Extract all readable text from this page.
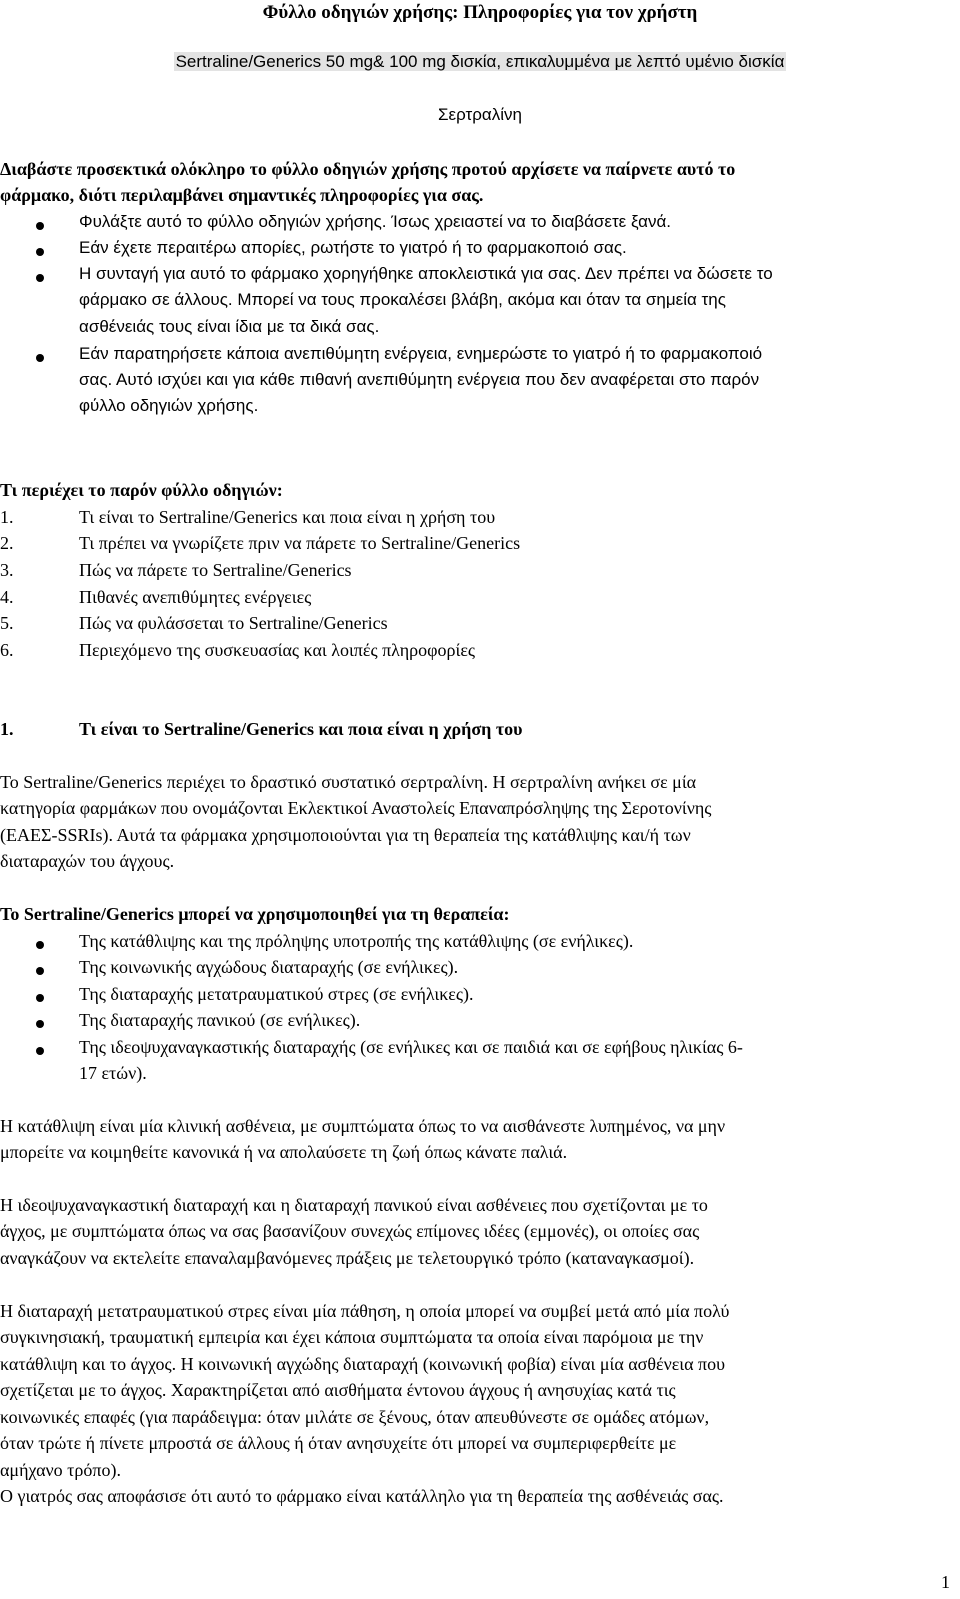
Φύλλο οδηγιών χρήσης: Πληροφορίες για τον χρήστη
Sertraline/Generics 50 mg& 100 mg δισκία, επικαλυμμένα με λεπτό υμένιο δισκία
Σερτραλίνη
Διαβάστε προσεκτικά ολόκληρο το φύλλο οδηγιών χρήσης προτού αρχίσετε να παίρνετε αυτό το
φάρμακο, διότι περιλαμβάνει σημαντικές πληροφορίες για σας.
Φυλάξτε αυτό το φύλλο οδηγιών χρήσης. Ίσως χρειαστεί να το διαβάσετε ξανά.
Εάν έχετε περαιτέρω απορίες, ρωτήστε το γιατρό ή το φαρμακοποιό σας.
Η συνταγή για αυτό το φάρμακο χορηγήθηκε αποκλειστικά για σας. Δεν πρέπει να δώσετε το
φάρμακο σε άλλους. Μπορεί να τους προκαλέσει βλάβη, ακόμα και όταν τα σημεία της
ασθένειάς τους είναι ίδια με τα δικά σας.
Εάν παρατηρήσετε κάποια ανεπιθύμητη ενέργεια, ενημερώστε το γιατρό ή το φαρμακοποιό
σας. Αυτό ισχύει και για κάθε πιθανή ανεπιθύμητη ενέργεια που δεν αναφέρεται στο παρόν
φύλλο οδηγιών χρήσης.
Τι περιέχει το παρόν φύλλο οδηγιών:
1.	Τι είναι το Sertraline/Generics και ποια είναι η χρήση του
2.	Τι πρέπει να γνωρίζετε πριν να πάρετε το Sertraline/Generics
3.	Πώς να πάρετε το Sertraline/Generics
4.	Πιθανές ανεπιθύμητες ενέργειες
5.	Πώς να φυλάσσεται το Sertraline/Generics
6.	Περιεχόμενο της συσκευασίας και λοιπές πληροφορίες
1.	Τι είναι το Sertraline/Generics και ποια είναι η χρήση του
Το Sertraline/Generics περιέχει το δραστικό συστατικό σερτραλίνη. Η σερτραλίνη ανήκει σε μία
κατηγορία φαρμάκων που ονομάζονται Εκλεκτικοί Αναστολείς Επαναπρόσληψης της Σεροτονίνης
(ΕΑΕΣ-SSRIs). Αυτά τα φάρμακα χρησιμοποιούνται για τη θεραπεία της κατάθλιψης και/ή των
διαταραχών του άγχους.
Το Sertraline/Generics μπορεί να χρησιμοποιηθεί για τη θεραπεία:
Της κατάθλιψης και της πρόληψης υποτροπής της κατάθλιψης (σε ενήλικες).
Της κοινωνικής αγχώδους διαταραχής (σε ενήλικες).
Της διαταραχής μετατραυματικού στρες (σε ενήλικες).
Της διαταραχής πανικού (σε ενήλικες).
Της ιδεοψυχαναγκαστικής διαταραχής (σε ενήλικες και σε παιδιά και σε εφήβους ηλικίας 6-
17 ετών).
Η κατάθλιψη είναι μία κλινική ασθένεια, με συμπτώματα όπως το να αισθάνεστε λυπημένος, να μην
μπορείτε να κοιμηθείτε κανονικά ή να απολαύσετε τη ζωή όπως κάνατε παλιά.
Η ιδεοψυχαναγκαστική διαταραχή και η διαταραχή πανικού είναι ασθένειες που σχετίζονται με το
άγχος, με συμπτώματα όπως να σας βασανίζουν συνεχώς επίμονες ιδέες (εμμονές), οι οποίες σας
αναγκάζουν να εκτελείτε επαναλαμβανόμενες πράξεις με τελετουργικό τρόπο (καταναγκασμοί).
Η διαταραχή μετατραυματικού στρες είναι μία πάθηση, η οποία μπορεί να συμβεί μετά από μία πολύ
συγκινησιακή, τραυματική εμπειρία και έχει κάποια συμπτώματα τα οποία είναι παρόμοια με την
κατάθλιψη και το άγχος. Η κοινωνική αγχώδης διαταραχή (κοινωνική φοβία) είναι μία ασθένεια που
σχετίζεται με το άγχος. Χαρακτηρίζεται από αισθήματα έντονου άγχους ή ανησυχίας κατά τις
κοινωνικές επαφές (για παράδειγμα: όταν μιλάτε σε ξένους, όταν απευθύνεστε σε ομάδες ατόμων,
όταν τρώτε ή πίνετε μπροστά σε άλλους ή όταν ανησυχείτε ότι μπορεί να συμπεριφερθείτε με
αμήχανο τρόπο).
Ο γιατρός σας αποφάσισε ότι αυτό το φάρμακο είναι κατάλληλο για τη θεραπεία της ασθένειάς σας.
1
